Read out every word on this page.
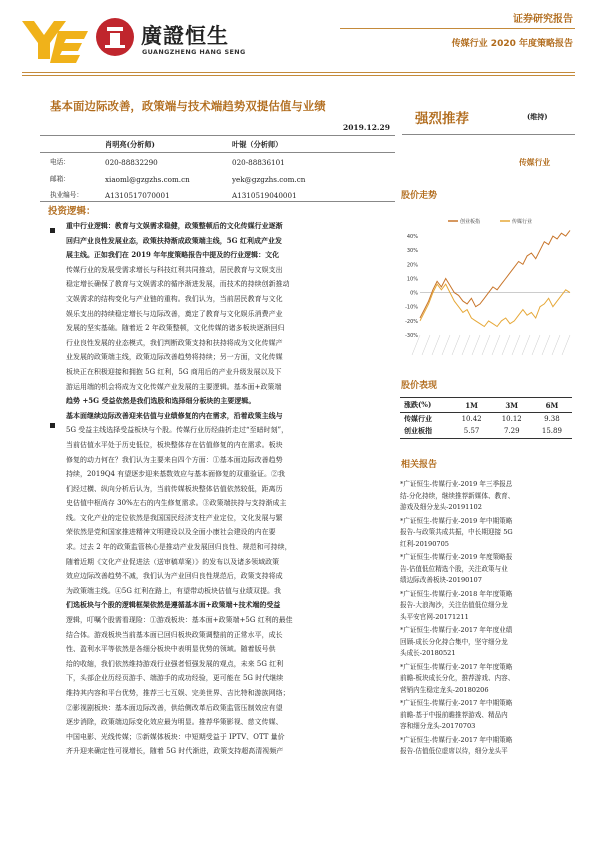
廣證恒生
GUANGZHENG HANG SENG
证券研究报告
传媒行业 2020 年度策略报告
基本面边际改善，政策端与技术端趋势双提估值与业绩
2019.12.29
强烈推荐	(维持)
传媒行业
肖明亮(分析师)	叶锟（分析师）
电话：	020-88832290	020-88836101
邮箱：	xiaoml@gzgzhs.com.cn	yek@gzgzhs.com.cn
执业编号：	A1310517070001	A1310519040001
投资逻辑：
重中行业逻辑：教育与文娱需求稳健，政策整顿后的文化传媒行业逐渐
回归产业良性发展业态，政策扶持渐成政策端主线，5G 红利成产业发
展主线。正如我们在 2019 年年度策略报告中提及的行业逻辑：文化
传媒行业的发展受需求增长与科技红利共同推动，居民教育与文娱支出
稳定增长确保了教育与文娱需求的循序渐进发展，而技术的持续创新推动
文娱需求的结构变化与产业链的重构。我们认为，当前居民教育与文化
娱乐支出的持续稳定增长与边际改善，奠定了教育与文化娱乐消费产业
发展的坚实基础。随着近 2 年政策整顿，文化传媒的诸多板块逐渐回归
行业良性发展的业态模式，我们判断政策支持和扶持将成为文化传媒产
业发展的政策端主线，政策边际改善趋势将持续；另一方面，文化传媒
板块正在积极迎接和拥抱 5G 红利，5G 商用后的产业升级发展以及下
游运用端的机会将成为文化传媒产业发展的主要逻辑。基本面+政策端
趋势 +5G 受益依然是我们选股和选择细分板块的主要逻辑。
基本面继续边际改善迎来估值与业绩修复的内在需求，沿着政策主线与
5G 受益主线选择受益板块与个股。传媒行业历经曲折走过“至暗时刻”，
当前估值水平处于历史低位，板块整体存在估值修复的内在需求。板块
修复的动力何在？我们认为主要来自四个方面：①基本面边际改善趋势
持续，2019Q4 有望逐步迎来基数效应与基本面修复的双重验证。②我
们经过横、纵向分析后认为，当前传媒板块整体估值依然较低，距离历
史估值中枢尚存 30%左右的内生修复需求。③政策端扶持与支持渐成主
线。文化产业的定位依然是我国国民经济支柱产业定位，文化发展与繁
荣依然是党和国家推进精神文明建设以及全面小康社会建设的内在要
求。过去 2 年的政策监管核心是推动产业发展回归良性、规范和可持续，
随着近期《文化产业促进法（送审稿草案）》的发布以及诸多领域政策
效应边际改善趋势不减，我们认为产业回归良性规范后，政策支持将成
为政策端主线。④5G 红利在路上，有望带动板块估值与业绩双提。我
们选板块与个股的逻辑框架依然是遵循基本面+政策端+技术端的受益
逻辑，叮嘱个股需看现险：①游戏板块：基本面+政策端+5G 红利的最佳
结合体。游戏板块当前基本面已回归板块政策调整前的正常水平，成长
性、盈利水平等依然是各细分板块中表明显优势的领域。随着版号供
给的收缩，我们依然维持游戏行业强者恒强发展的观点，未来 5G 红利
下，头部企业历经页游手、端游手的成功经验，更可能在 5G 时代继续
维持其内容和平台优势，推荐三七互娱、完美世界、吉比特和游族网络；
②影视剧板块：基本面边际改善，供给侧改革后政策监管压制效应有望
逐步消除，政策端边际变化效应最为明显。推荐华策影视、慈文传媒、
中国电影、光线传媒；⑤新媒体板块：中短期受益于 IPTV、OTT 量价
齐升迎来确定性可视增长，随着 5G 时代渐进，政策支持超高清视频产
股价走势
40%
30%
20%
10%
0%
-10%
-20%
-30%
创业板指	传媒行业
股价表现
涨跌(%)	1M	3M	6M
传媒行业	10.42	10.12	9.38
创业板指	5.57	7.29	15.89
相关报告
*广证恒生-传媒行业-2019 年三季报总
结-分化持续，继续推荐新媒体、教育、
游戏及细分龙头-20191102
*广证恒生-传媒行业-2019 年中期策略
报告-与政策共成共振，中长期迎接 5G
红利-20190705
*广证恒生-传媒行业-2019 年度策略报
告-估值低位精选个股，关注政策与业
绩边际改善板块-20190107
*广证恒生-传媒行业-2018 年年度策略
报告-大浪淘沙，关注估值低位细分龙
头平安官网-20171211
*广证恒生-传媒行业-2017 年年度业绩
回顾-成长分化持合集中，坚守细分龙
头成长-20180521
*广证恒生-传媒行业-2017 年年度策略
前瞻-板块成长分化，推荐游戏、内容、
营销内生稳定龙头-20180206
*广证恒生-传媒行业-2017 年中期策略
前瞻-基于中报前瞻推荐游戏、精品内
容和细分龙头-20170703
*广证恒生-传媒行业-2017 年中期策略
报告-估值低位虚席以待，细分龙头平
